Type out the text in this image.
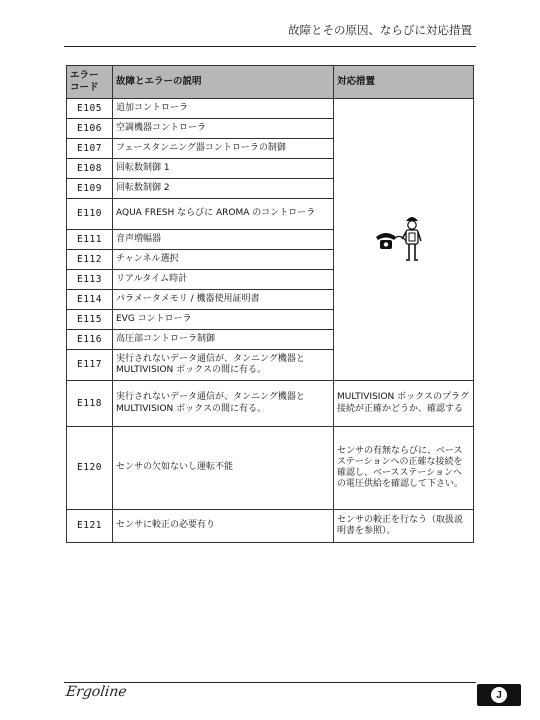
故障とその原因、ならびに対応措置
エラー
コード	故障とエラーの説明	対応措置
E105	追加コントローラ	
E106	空調機器コントローラ	
E107	フェースタンニング器コントローラの制御	
E108	回転数制御 1	
E109	回転数制御 2	
E110	AQUA FRESH ならびに AROMA のコントローラ	
E111	音声増幅器	
E112	チャンネル選択	
E113	リアルタイム時計	
E114	パラメータメモリ / 機器使用証明書	
E115	EVG コントローラ	
E116	高圧部コントローラ制御	
E117	実行されないデータ通信が、タンニング機器と MULTIVISION ボックスの間に有る。	
E118	実行されないデータ通信が、タンニング機器と MULTIVISION ボックスの間に有る。	MULTIVISION ボックスのプラグ接続が正確かどうか、確認する
E120	センサの欠如ないし運転不能	センサの有無ならびに、ベースステーションへの正確な接続を確認し、ベースステーションへの電圧供給を確認して下さい。
E121	センサに較正の必要有り	センサの較正を行なう（取扱説明書を参照）。
Ergoline	J
